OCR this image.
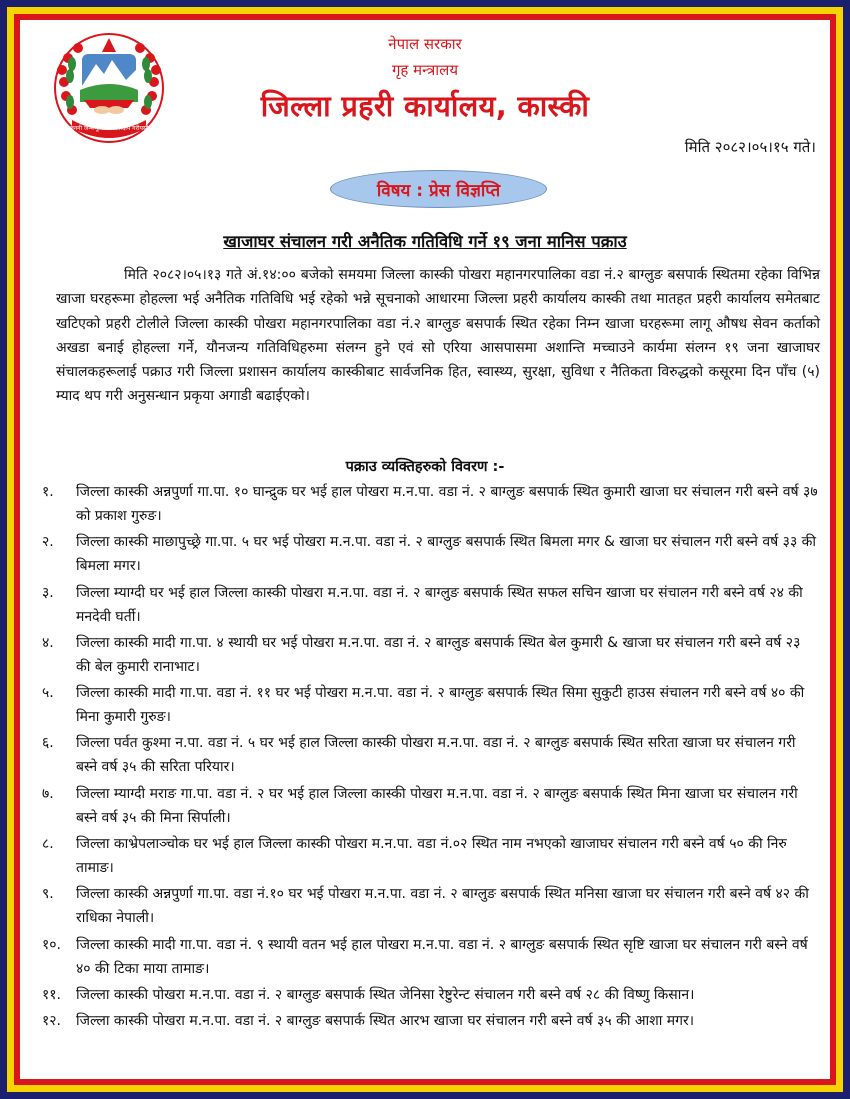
जननी जन्मभूमिश्च स्वर्गादपि गरीयसी
नेपाल सरकार
गृह मन्त्रालय
जिल्ला प्रहरी कार्यालय, कास्की
मिति २०८२।०५।१५ गते।
विषय : प्रेस विज्ञप्ति
खाजाघर संचालन गरी अनैतिक गतिविधि गर्ने १९ जना मानिस पक्राउ
मिति २०८२।०५।१३ गते अं.१४:०० बजेको समयमा जिल्ला कास्की पोखरा महानगरपालिका वडा नं.२ बाग्लुङ बसपार्क स्थितमा रहेका विभिन्न खाजा घरहरूमा होहल्ला भई अनैतिक गतिविधि भई रहेको भन्ने सूचनाको आधारमा जिल्ला प्रहरी कार्यालय कास्की तथा मातहत प्रहरी कार्यालय समेतबाट खटिएको प्रहरी टोलीले जिल्ला कास्की पोखरा महानगरपालिका वडा नं.२ बाग्लुङ बसपार्क स्थित रहेका निम्न खाजा घरहरूमा लागू औषध सेवन कर्ताको अखडा बनाई होहल्ला गर्ने, यौनजन्य गतिविधिहरुमा संलग्न हुने एवं सो एरिया आसपासमा अशान्ति मच्चाउने कार्यमा संलग्न १९ जना खाजाघर संचालकहरूलाई पक्राउ गरी जिल्ला प्रशासन कार्यालय कास्कीबाट सार्वजनिक हित, स्वास्थ्य, सुरक्षा, सुविधा र नैतिकता विरुद्धको कसूरमा दिन पाँच (५) म्याद थप गरी अनुसन्धान प्रकृया अगाडी बढाईएको।
पक्राउ व्यक्तिहरुको विवरण :-
१.	जिल्ला कास्की अन्नपुर्णा गा.पा. १० घान्द्रुक घर भई हाल पोखरा म.न.पा. वडा नं. २ बाग्लुङ बसपार्क स्थित कुमारी खाजा घर संचालन गरी बस्ने वर्ष ३७ को प्रकाश गुरुङ।
२.	जिल्ला कास्की माछापुच्छ्रे गा.पा. ५ घर भई पोखरा म.न.पा. वडा नं. २ बाग्लुङ बसपार्क स्थित बिमला मगर & खाजा घर संचालन गरी बस्ने वर्ष ३३ की बिमला मगर।
३.	जिल्ला म्याग्दी घर भई हाल जिल्ला कास्की पोखरा म.न.पा. वडा नं. २ बाग्लुङ बसपार्क स्थित सफल सचिन खाजा घर संचालन गरी बस्ने वर्ष २४ की मनदेवी घर्ती।
४.	जिल्ला कास्की मादी गा.पा. ४ स्थायी घर भई पोखरा म.न.पा. वडा नं. २ बाग्लुङ बसपार्क स्थित बेल कुमारी & खाजा घर संचालन गरी बस्ने वर्ष २३ की बेल कुमारी रानाभाट।
५.	जिल्ला कास्की मादी गा.पा. वडा नं. ११ घर भई पोखरा म.न.पा. वडा नं. २ बाग्लुङ बसपार्क स्थित सिमा सुकुटी हाउस संचालन गरी बस्ने वर्ष ४० की मिना कुमारी गुरुङ।
६.	जिल्ला पर्वत कुश्मा न.पा. वडा नं. ५ घर भई हाल जिल्ला कास्की पोखरा म.न.पा. वडा नं. २ बाग्लुङ बसपार्क स्थित सरिता खाजा घर संचालन गरी बस्ने वर्ष ३५ की सरिता परियार।
७.	जिल्ला म्याग्दी मराङ गा.पा. वडा नं. २ घर भई हाल जिल्ला कास्की पोखरा म.न.पा. वडा नं. २ बाग्लुङ बसपार्क स्थित मिना खाजा घर संचालन गरी बस्ने वर्ष ३५ की मिना सिर्पाली।
८.	जिल्ला काभ्रेपलाञ्चोक घर भई हाल जिल्ला कास्की पोखरा म.न.पा. वडा नं.०२ स्थित नाम नभएको खाजाघर संचालन गरी बस्ने वर्ष ५० की निरु तामाङ।
९.	जिल्ला कास्की अन्नपुर्णा गा.पा. वडा नं.१० घर भई पोखरा म.न.पा. वडा नं. २ बाग्लुङ बसपार्क स्थित मनिसा खाजा घर संचालन गरी बस्ने वर्ष ४२ की राधिका नेपाली।
१०.	जिल्ला कास्की मादी गा.पा. वडा नं. ९ स्थायी वतन भई हाल पोखरा म.न.पा. वडा नं. २ बाग्लुङ बसपार्क स्थित सृष्टि खाजा घर संचालन गरी बस्ने वर्ष ४० की टिका माया तामाङ।
११.	जिल्ला कास्की पोखरा म.न.पा. वडा नं. २ बाग्लुङ बसपार्क स्थित जेनिसा रेष्टुरेन्ट संचालन गरी बस्ने वर्ष २८ की विष्णु किसान।
१२.	जिल्ला कास्की पोखरा म.न.पा. वडा नं. २ बाग्लुङ बसपार्क स्थित आरभ खाजा घर संचालन गरी बस्ने वर्ष ३५ की आशा मगर।
